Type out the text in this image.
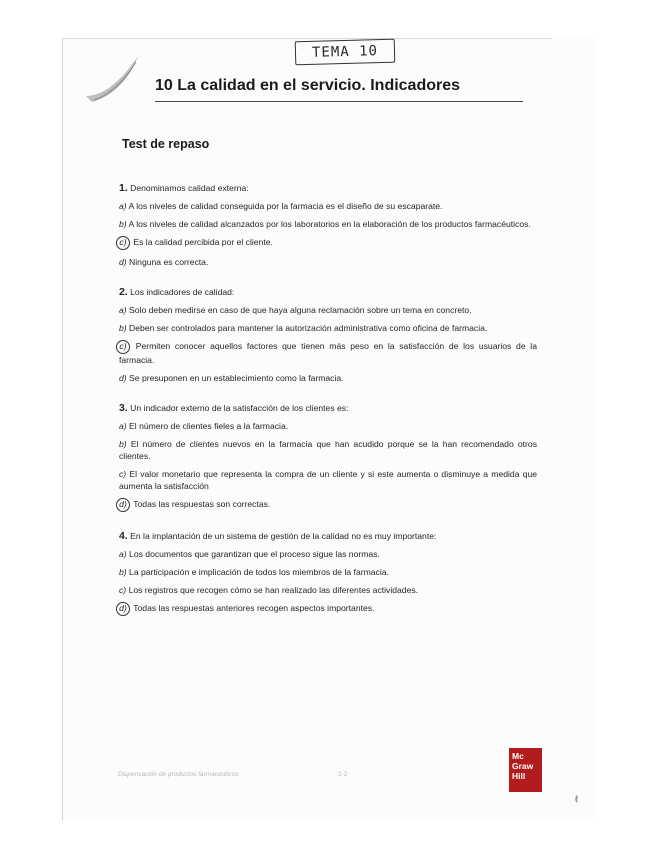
TEMA 10
10 La calidad en el servicio. Indicadores
Test de repaso
1. Denominamos calidad externa:
a) A los niveles de calidad conseguida por la farmacia es el diseño de su escaparate.
b) A los niveles de calidad alcanzados por los laboratorios en la elaboración de los productos farmacéuticos.
c) Es la calidad percibida por el cliente.
d) Ninguna es correcta.
2. Los indicadores de calidad:
a) Solo deben medirse en caso de que haya alguna reclamación sobre un tema en concreto.
b) Deben ser controlados para mantener la autorización administrativa como oficina de farmacia.
c) Permiten conocer aquellos factores que tienen más peso en la satisfacción de los usuarios de la farmacia.
d) Se presuponen en un establecimiento como la farmacia.
3. Un indicador externo de la satisfacción de los clientes es:
a) El número de clientes fieles a la farmacia.
b) El número de clientes nuevos en la farmacia que han acudido porque se la han recomendado otros clientes.
c) El valor monetario que representa la compra de un cliente y si este aumenta o disminuye a medida que aumenta la satisfacción
d) Todas las respuestas son correctas.
4. En la implantación de un sistema de gestión de la calidad no es muy importante:
a) Los documentos que garantizan que el proceso sigue las normas.
b) La participación e implicación de todos los miembros de la farmacia.
c) Los registros que recogen cómo se han realizado las diferentes actividades.
d) Todas las respuestas anteriores recogen aspectos importantes.
Dispensación de productos farmacéuticos	2-2
Mc
Graw
Hill
ℓ
